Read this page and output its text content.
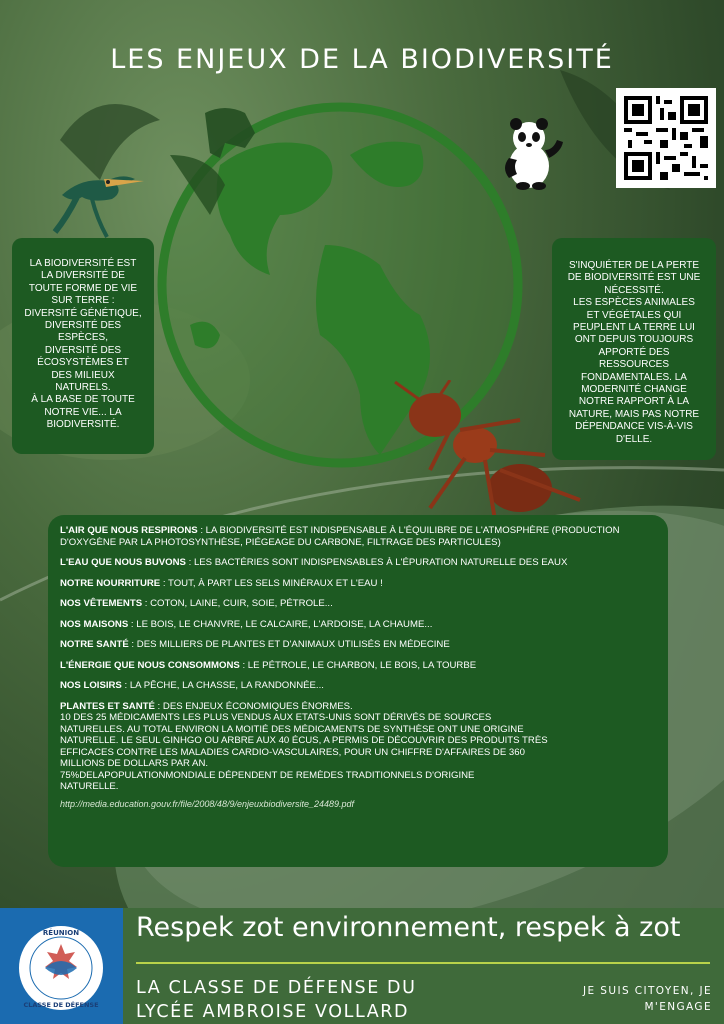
LES ENJEUX DE LA BIODIVERSITÉ
LA BIODIVERSITÉ EST
LA DIVERSITÉ DE
TOUTE FORME DE VIE
SUR TERRE :
DIVERSITÉ GÉNÉTIQUE,
DIVERSITÉ DES
ESPÈCES,
DIVERSITÉ DES
ÉCOSYSTÈMES ET
DES MILIEUX
NATURELS.
À LA BASE DE TOUTE
NOTRE VIE... LA
BIODIVERSITÉ.
S'INQUIÉTER DE LA PERTE
DE BIODIVERSITÉ EST UNE
NÉCESSITÉ.
LES ESPÈCES ANIMALES
ET VÉGÉTALES QUI
PEUPLENT LA TERRE LUI
ONT DEPUIS TOUJOURS
APPORTÉ DES
RESSOURCES
FONDAMENTALES. LA
MODERNITÉ CHANGE
NOTRE RAPPORT À LA
NATURE, MAIS PAS NOTRE
DÉPENDANCE VIS-À-VIS
D'ELLE.

L'AIR QUE NOUS RESPIRONS : LA BIODIVERSITÉ EST INDISPENSABLE À L'ÉQUILIBRE DE L'ATMOSPHÈRE (PRODUCTION D'OXYGÈNE PAR LA PHOTOSYNTHÈSE, PIÉGEAGE DU CARBONE, FILTRAGE DES PARTICULES)

L'EAU QUE NOUS BUVONS : LES BACTÉRIES SONT INDISPENSABLES À L'ÉPURATION NATURELLE DES EAUX

NOTRE NOURRITURE : TOUT, À PART LES SELS MINÉRAUX ET L'EAU !

NOS VÊTEMENTS : COTON, LAINE, CUIR, SOIE, PÉTROLE...

NOS MAISONS : LE BOIS, LE CHANVRE, LE CALCAIRE, L'ARDOISE, LA CHAUME...

NOTRE SANTÉ : DES MILLIERS DE PLANTES ET D'ANIMAUX UTILISÉS EN MÉDECINE

L'ÉNERGIE QUE NOUS CONSOMMONS : LE PÉTROLE, LE CHARBON, LE BOIS, LA TOURBE

NOS LOISIRS : LA PÊCHE, LA CHASSE, LA RANDONNÉE...

PLANTES ET SANTÉ : DES ENJEUX ÉCONOMIQUES ÉNORMES.

10 DES 25 MÉDICAMENTS LES PLUS VENDUS AUX ETATS-UNIS SONT DÉRIVÉS DE SOURCES
NATURELLES. AU TOTAL ENVIRON LA MOITIÉ DES MÉDICAMENTS DE SYNTHÈSE ONT UNE ORIGINE
NATURELLE. LE SEUL GINHGO OU ARBRE AUX 40 ÉCUS, A PERMIS DE DÉCOUVRIR DES PRODUITS TRÈS
EFFICACES CONTRE LES MALADIES CARDIO-VASCULAIRES, POUR UN CHIFFRE D'AFFAIRES DE 360
MILLIONS DE DOLLARS PAR AN.
75%DELAPOPULATIONMONDIALE DÉPENDENT DE REMÈDES TRADITIONNELS D'ORIGINE
NATURELLE.

http://media.education.gouv.fr/file/2008/48/9/enjeuxbiodiversite_24489.pdf

RÉUNION
CLASSE DE DÉFENSE
Respek zot environnement, respek à zot
LA CLASSE DE DÉFENSE DU
LYCÉE AMBROISE VOLLARD
JE SUIS CITOYEN, JE
M'ENGAGE
